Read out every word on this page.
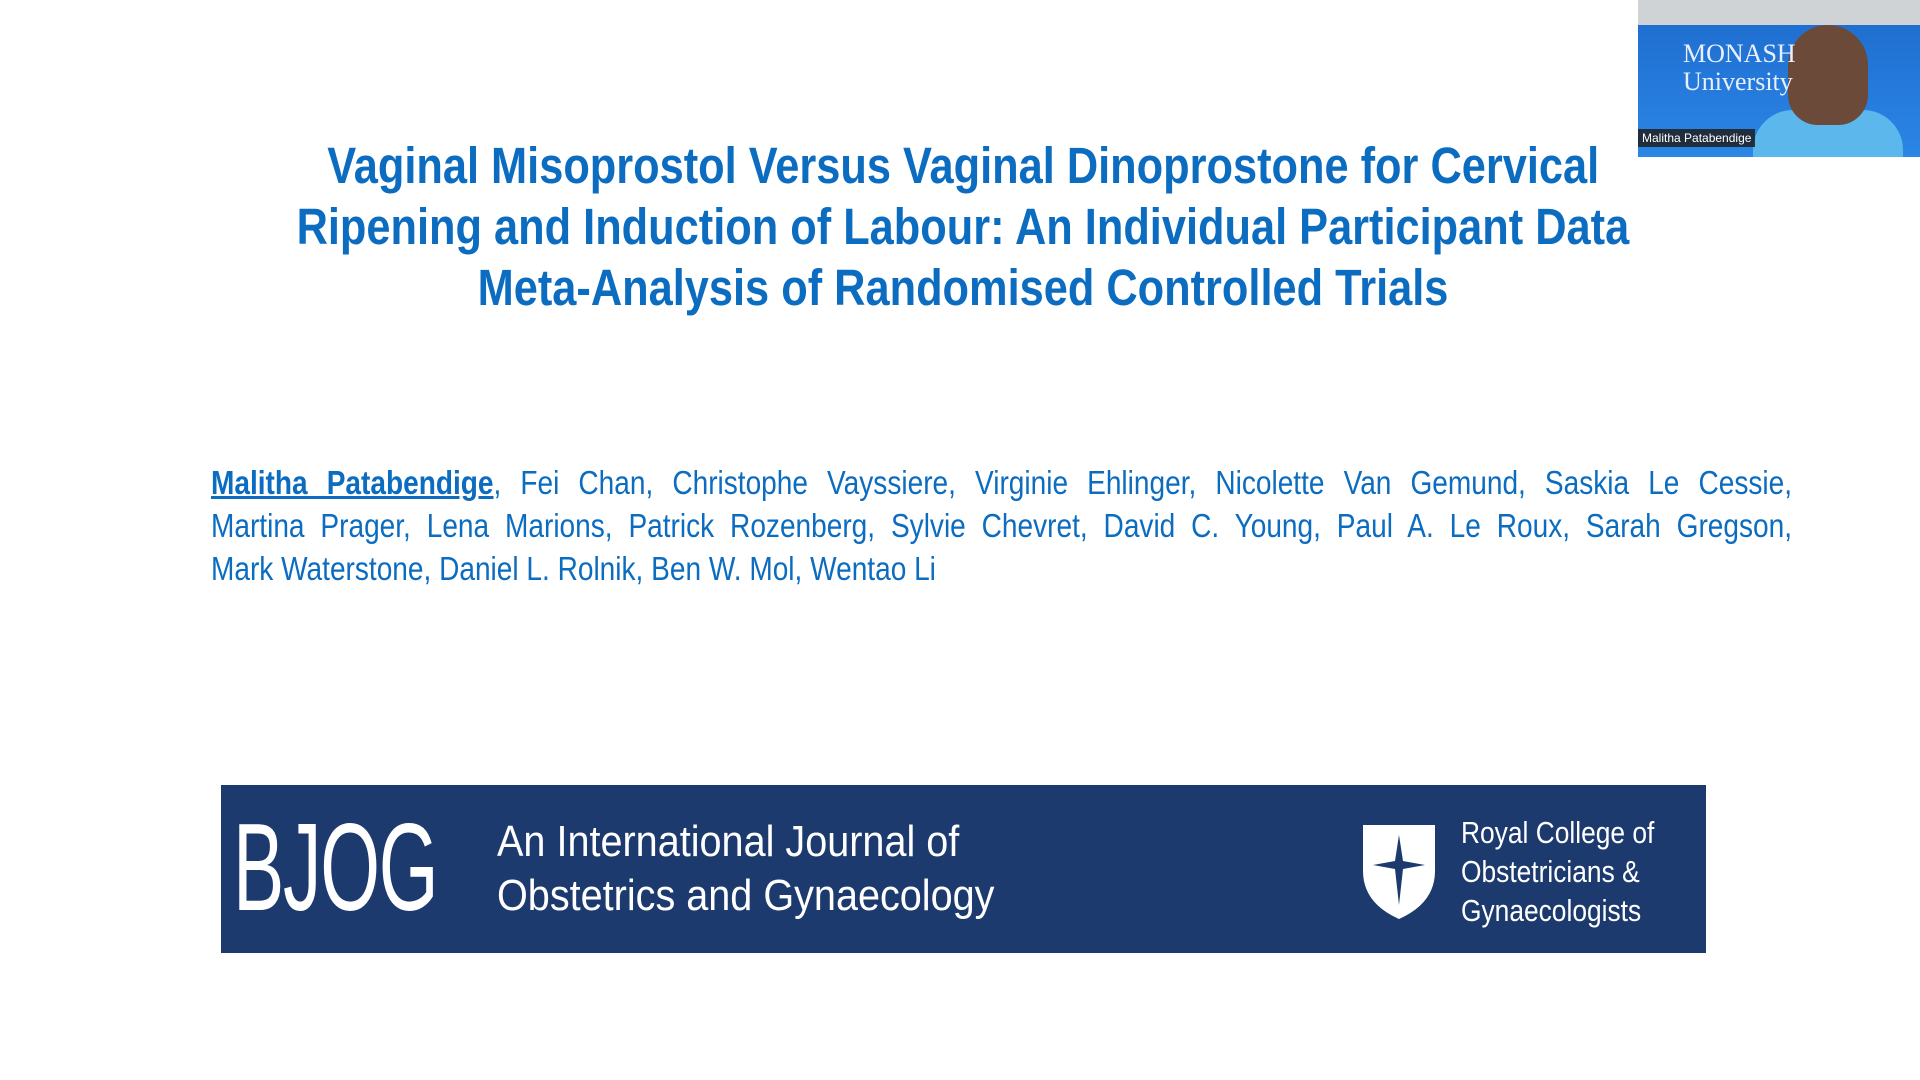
Vaginal Misoprostol Versus Vaginal Dinoprostone for Cervical
Ripening and Induction of Labour: An Individual Participant Data
Meta-Analysis of Randomised Controlled Trials
Malitha Patabendige, Fei Chan, Christophe Vayssiere, Virginie Ehlinger, Nicolette Van Gemund, Saskia Le Cessie,
Martina Prager, Lena Marions, Patrick Rozenberg, Sylvie Chevret, David C. Young, Paul A. Le Roux, Sarah Gregson,
Mark Waterstone, Daniel L. Rolnik, Ben W. Mol, Wentao Li
BJOG An International Journal of
Obstetrics and Gynaecology
Royal College of
Obstetricians &
Gynaecologists
MONASH University
Malitha Patabendige
